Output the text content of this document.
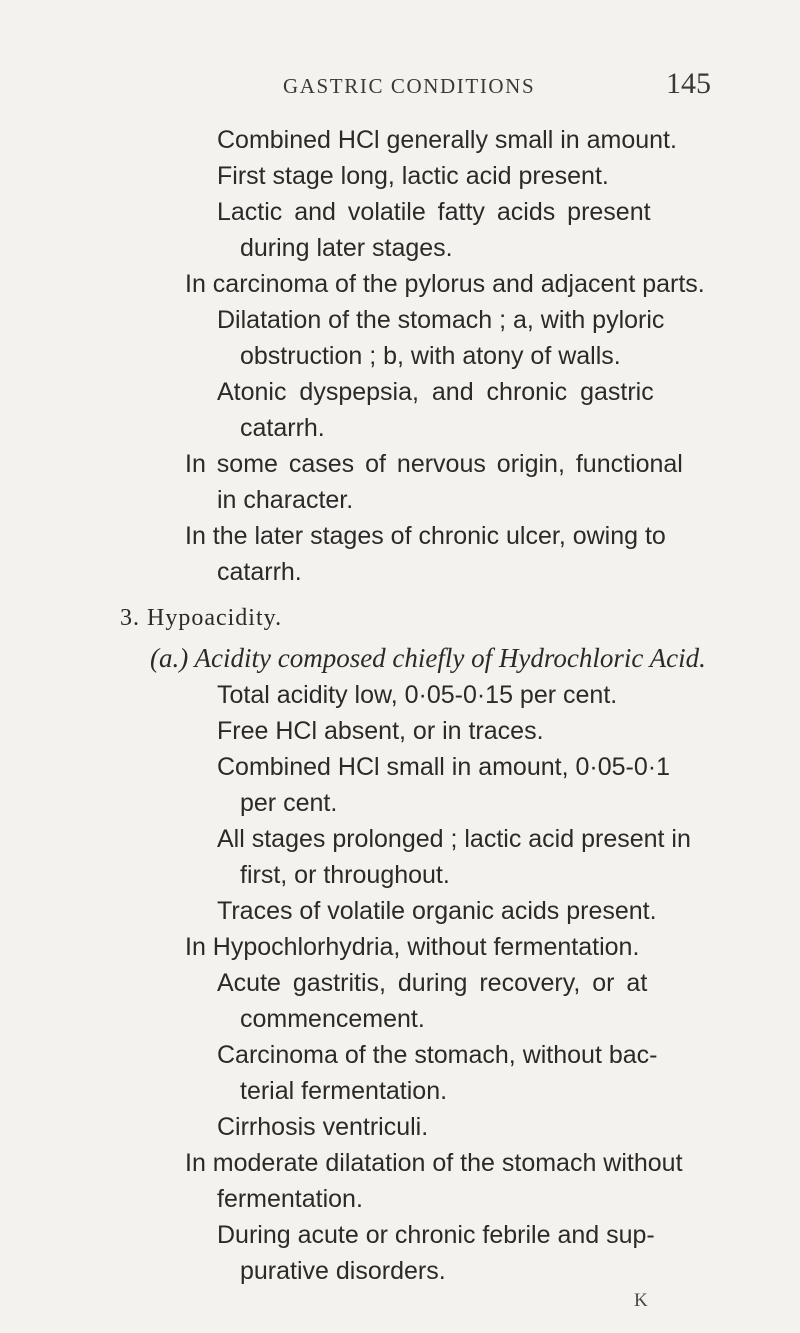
GASTRIC CONDITIONS	145
Combined HCl generally small in amount.
First stage long, lactic acid present.
Lactic and volatile fatty acids present
during later stages.
In carcinoma of the pylorus and adjacent parts.
Dilatation of the stomach ; a, with pyloric
obstruction ; b, with atony of walls.
Atonic dyspepsia, and chronic gastric
catarrh.
In some cases of nervous origin, functional
in character.
In the later stages of chronic ulcer, owing to
catarrh.
3. Hypoacidity.
(a.) Acidity composed chiefly of Hydrochloric Acid.
Total acidity low, 0·05-0·15 per cent.
Free HCl absent, or in traces.
Combined HCl small in amount, 0·05-0·1
per cent.
All stages prolonged ; lactic acid present in
first, or throughout.
Traces of volatile organic acids present.
In Hypochlorhydria, without fermentation.
Acute gastritis, during recovery, or at
commencement.
Carcinoma of the stomach, without bac-
terial fermentation.
Cirrhosis ventriculi.
In moderate dilatation of the stomach without
fermentation.
During acute or chronic febrile and sup-
purative disorders.
K
